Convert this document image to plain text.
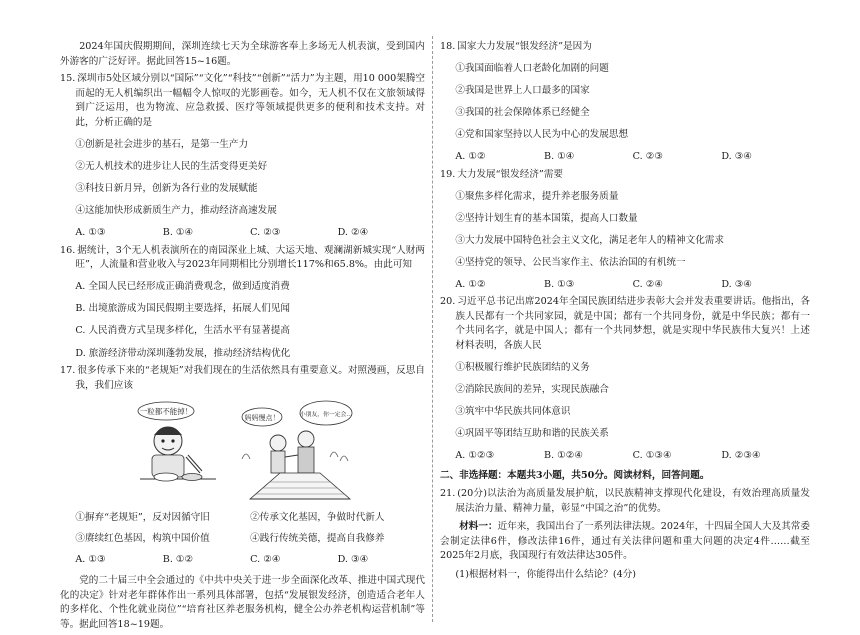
2024年国庆假期期间，深圳连续七天为全球游客奉上多场无人机表演，受到国内外游客的广泛好评。据此回答15~16题。
15. 深圳市5处区域分别以“国际”“文化”“科技”“创新”“活力”为主题，用10 000架腾空而起的无人机编织出一幅幅令人惊叹的光影画卷。如今，无人机不仅在文旅领域得到广泛运用，也为物流、应急救援、医疗等领域提供更多的便利和技术支持。对此，分析正确的是
①创新是社会进步的基石，是第一生产力
②无人机技术的进步让人民的生活变得更美好
③科技日新月异，创新为各行业的发展赋能
④这能加快形成新质生产力，推动经济高速发展
A. ①③	B. ①④	C. ②③	D. ②④
16. 据统计，3个无人机表演所在的南园深业上城、大运天地、观澜湖新城实现“人财两旺”，人流量和营业收入与2023年同期相比分别增长117%和65.8%。由此可知
A. 全国人民已经形成正确消费观念，做到适度消费
B. 出境旅游成为国民假期主要选择，拓展人们见闻
C. 人民消费方式呈现多样化，生活水平有显著提高
D. 旅游经济带动深圳蓬勃发展，推动经济结构优化
17. 很多传承下来的“老规矩”对我们现在的生活依然具有重要意义。对照漫画，反思自我，我们应该
一粒都不能掉！
妈妈慢点！	小朋友，你一定会…
①摒弃“老规矩”，反对因循守旧	②传承文化基因，争做时代新人
③赓续红色基因，构筑中国价值	④践行传统美德，提高自我修养
A. ①③	B. ①②	C. ②④	D. ③④
党的二十届三中全会通过的《中共中央关于进一步全面深化改革、推进中国式现代化的决定》针对老年群体作出一系列具体部署，包括“发展银发经济，创造适合老年人的多样化、个性化就业岗位”“培育社区养老服务机构，健全公办养老机构运营机制”等等。据此回答18~19题。
18. 国家大力发展“银发经济”是因为
①我国面临着人口老龄化加剧的问题
②我国是世界上人口最多的国家
③我国的社会保障体系已经健全
④党和国家坚持以人民为中心的发展思想
A. ①②	B. ①④	C. ②③	D. ③④
19. 大力发展“银发经济”需要
①聚焦多样化需求，提升养老服务质量
②坚持计划生育的基本国策，提高人口数量
③大力发展中国特色社会主义文化，满足老年人的精神文化需求
④坚持党的领导、公民当家作主、依法治国的有机统一
A. ①②	B. ①③	C. ②④	D. ③④
20. 习近平总书记出席2024年全国民族团结进步表彰大会并发表重要讲话。他指出，各族人民都有一个共同家园，就是中国；都有一个共同身份，就是中华民族；都有一个共同名字，就是中国人；都有一个共同梦想，就是实现中华民族伟大复兴！上述材料表明，各族人民
①积极履行维护民族团结的义务
②消除民族间的差异，实现民族融合
③筑牢中华民族共同体意识
④巩固平等团结互助和谐的民族关系
A. ①②③	B. ①②④	C. ①③④	D. ②③④
二、非选择题：本题共3小题，共50分。阅读材料，回答问题。
21. (20分)以法治为高质量发展护航，以民族精神支撑现代化建设，有效治理高质量发展法治力量、精神力量，彰显“中国之治”的优势。
材料一：近年来，我国出台了一系列法律法规。2024年，十四届全国人大及其常委会制定法律6件，修改法律16件，通过有关法律问题和重大问题的决定4件……截至2025年2月底，我国现行有效法律达305件。
(1)根据材料一，你能得出什么结论？(4分)
